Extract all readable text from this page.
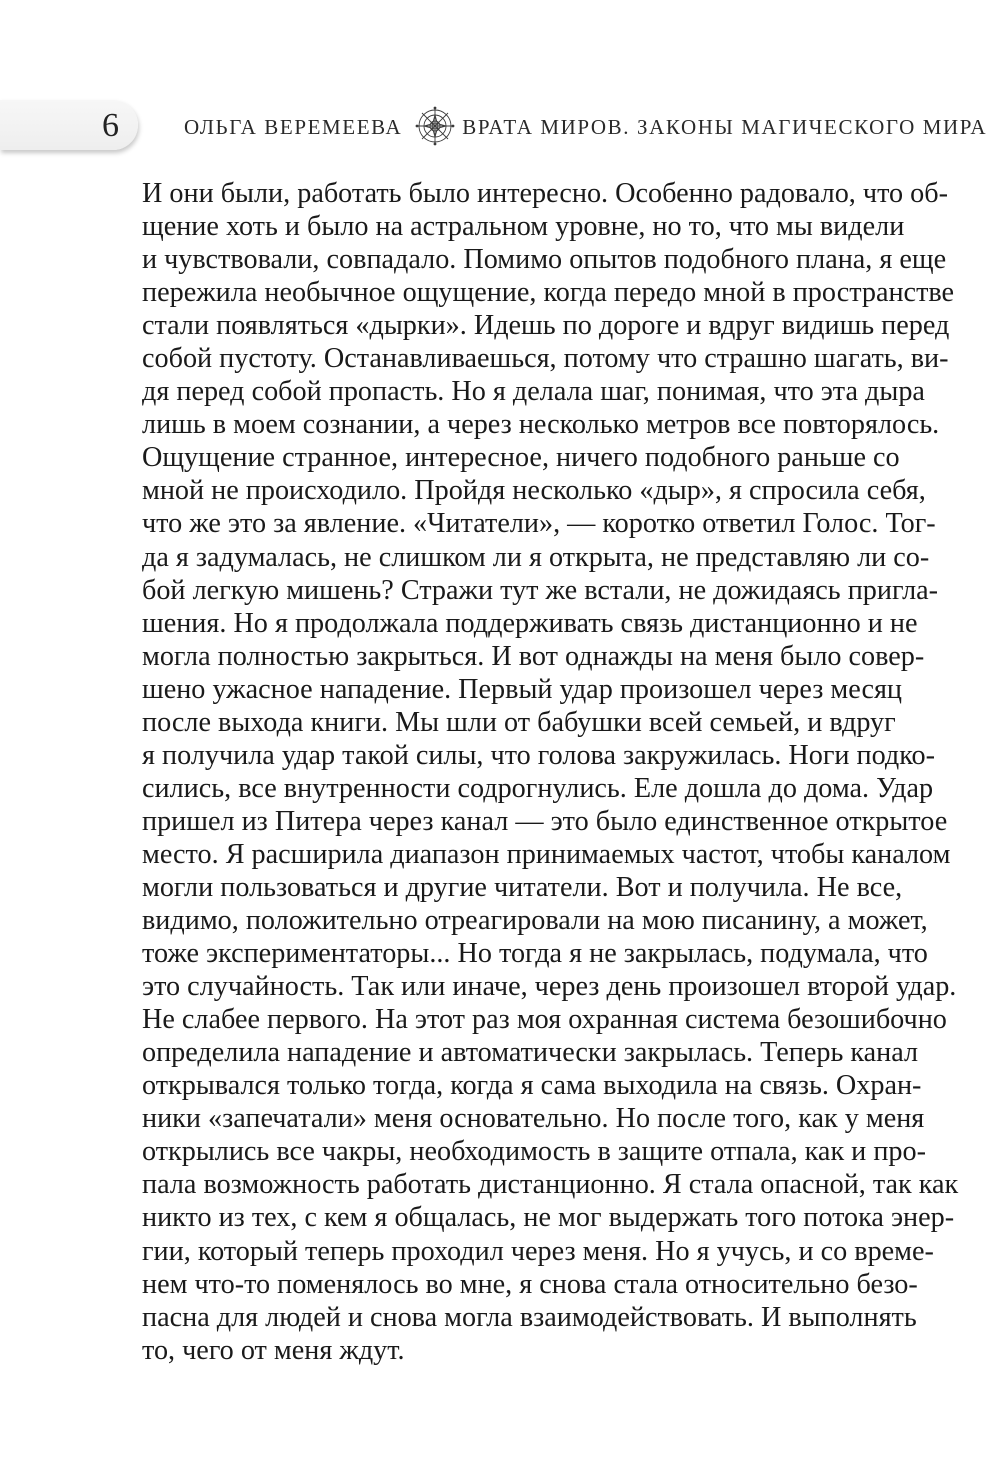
6	ОЛЬГА ВЕРЕМЕЕВА	ВРАТА МИРОВ. ЗАКОНЫ МАГИЧЕСКОГО МИРА
И они были, работать было интересно. Особенно радовало, что об-
щение хоть и было на астральном уровне, но то, что мы видели
и чувствовали, совпадало. Помимо опытов подобного плана, я еще
пережила необычное ощущение, когда передо мной в пространстве
стали появляться «дырки». Идешь по дороге и вдруг видишь перед
собой пустоту. Останавливаешься, потому что страшно шагать, ви-
дя перед собой пропасть. Но я делала шаг, понимая, что эта дыра
лишь в моем сознании, а через несколько метров все повторялось.
Ощущение странное, интересное, ничего подобного раньше со
мной не происходило. Пройдя несколько «дыр», я спросила себя,
что же это за явление. «Читатели», — коротко ответил Голос. Тог-
да я задумалась, не слишком ли я открыта, не представляю ли со-
бой легкую мишень? Стражи тут же встали, не дожидаясь пригла-
шения. Но я продолжала поддерживать связь дистанционно и не
могла полностью закрыться. И вот однажды на меня было совер-
шено ужасное нападение. Первый удар произошел через месяц
после выхода книги. Мы шли от бабушки всей семьей, и вдруг
я получила удар такой силы, что голова закружилась. Ноги подко-
сились, все внутренности содрогнулись. Еле дошла до дома. Удар
пришел из Питера через канал — это было единственное открытое
место. Я расширила диапазон принимаемых частот, чтобы каналом
могли пользоваться и другие читатели. Вот и получила. Не все,
видимо, положительно отреагировали на мою писанину, а может,
тоже экспериментаторы... Но тогда я не закрылась, подумала, что
это случайность. Так или иначе, через день произошел второй удар.
Не слабее первого. На этот раз моя охранная система безошибочно
определила нападение и автоматически закрылась. Теперь канал
открывался только тогда, когда я сама выходила на связь. Охран-
ники «запечатали» меня основательно. Но после того, как у меня
открылись все чакры, необходимость в защите отпала, как и про-
пала возможность работать дистанционно. Я стала опасной, так как
никто из тех, с кем я общалась, не мог выдержать того потока энер-
гии, который теперь проходил через меня. Но я учусь, и со време-
нем что-то поменялось во мне, я снова стала относительно безо-
пасна для людей и снова могла взаимодействовать. И выполнять
то, чего от меня ждут.
